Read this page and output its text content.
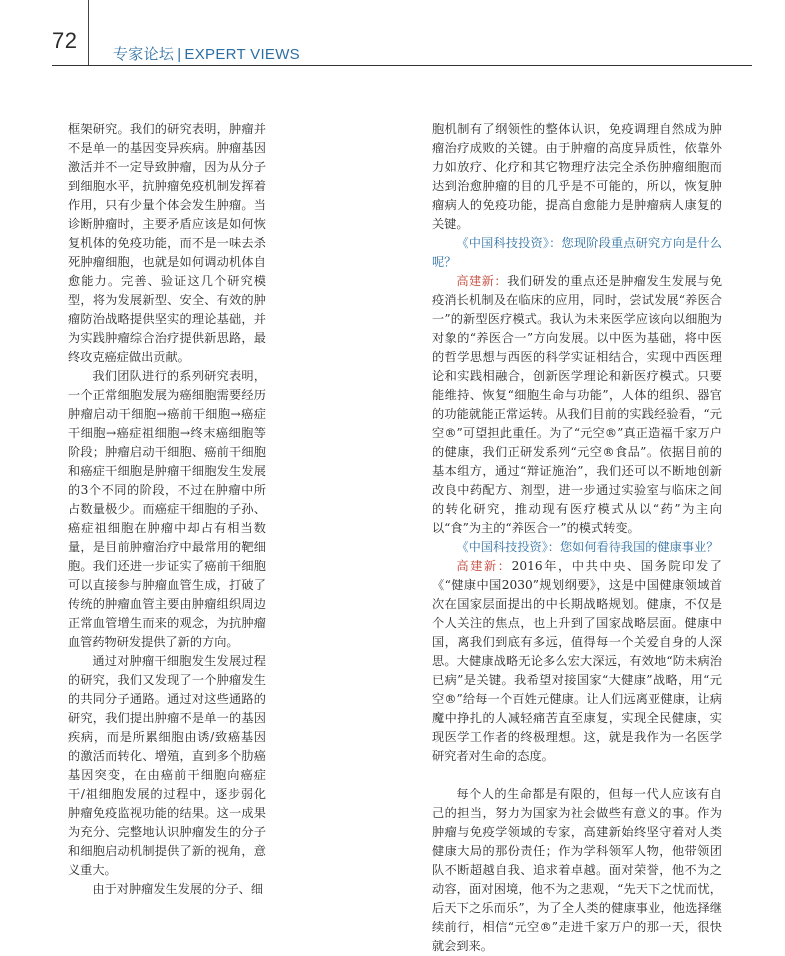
72
专家论坛 | EXPERT VIEWS

框架研究。我们的研究表明，肿瘤并不是单一的基因变异疾病。肿瘤基因激活并不一定导致肿瘤，因为从分子到细胞水平，抗肿瘤免疫机制发挥着作用，只有少量个体会发生肿瘤。当诊断肿瘤时，主要矛盾应该是如何恢复机体的免疫功能，而不是一味去杀死肿瘤细胞，也就是如何调动机体自愈能力。完善、验证这几个研究模型，将为发展新型、安全、有效的肿瘤防治战略提供坚实的理论基础，并为实践肿瘤综合治疗提供新思路，最终攻克癌症做出贡献。

我们团队进行的系列研究表明，一个正常细胞发展为癌细胞需要经历肿瘤启动干细胞→癌前干细胞→癌症干细胞→癌症祖细胞→终末癌细胞等阶段；肿瘤启动干细胞、癌前干细胞和癌症干细胞是肿瘤干细胞发生发展的3个不同的阶段，不过在肿瘤中所占数量极少。而癌症干细胞的子孙、癌症祖细胞在肿瘤中却占有相当数量，是目前肿瘤治疗中最常用的靶细胞。我们还进一步证实了癌前干细胞可以直接参与肿瘤血管生成，打破了传统的肿瘤血管主要由肿瘤组织周边正常血管增生而来的观念，为抗肿瘤血管药物研发提供了新的方向。

通过对肿瘤干细胞发生发展过程的研究，我们又发现了一个肿瘤发生的共同分子通路。通过对这些通路的研究，我们提出肿瘤不是单一的基因疾病，而是所累细胞由诱/致癌基因的激活而转化、增殖，直到多个肋癌基因突变，在由癌前干细胞向癌症干/祖细胞发展的过程中，逐步弱化肿瘤免疫监视功能的结果。这一成果为充分、完整地认识肿瘤发生的分子和细胞启动机制提供了新的视角，意义重大。

由于对肿瘤发生发展的分子、细

胞机制有了纲领性的整体认识，免疫调理自然成为肿瘤治疗成败的关键。由于肿瘤的高度异质性，依靠外力如放疗、化疗和其它物理疗法完全杀伤肿瘤细胞而达到治愈肿瘤的目的几乎是不可能的，所以，恢复肿瘤病人的免疫功能，提高自愈能力是肿瘤病人康复的关键。

《中国科技投资》：您现阶段重点研究方向是什么呢？

高建新：我们研发的重点还是肿瘤发生发展与免疫消长机制及在临床的应用，同时，尝试发展“养医合一”的新型医疗模式。我认为未来医学应该向以细胞为对象的“养医合一”方向发展。以中医为基础，将中医的哲学思想与西医的科学实证相结合，实现中西医理论和实践相融合，创新医学理论和新医疗模式。只要能维持、恢复“细胞生命与功能”，人体的组织、器官的功能就能正常运转。从我们目前的实践经验看，“元空®”可望担此重任。为了“元空®”真正造福千家万户的健康，我们正研发系列“元空®食品”。依据目前的基本组方，通过“辩证施治”，我们还可以不断地创新改良中药配方、剂型，进一步通过实验室与临床之间的转化研究，推动现有医疗模式从以“药”为主向以“食”为主的“养医合一”的模式转变。

《中国科技投资》：您如何看待我国的健康事业？

高建新：2016年，中共中央、国务院印发了《“健康中国2030”规划纲要》，这是中国健康领域首次在国家层面提出的中长期战略规划。健康，不仅是个人关注的焦点，也上升到了国家战略层面。健康中国，离我们到底有多远，值得每一个关爱自身的人深思。大健康战略无论多么宏大深远，有效地“防未病治已病”是关键。我希望对接国家“大健康”战略，用“元空®”给每一个百姓元健康。让人们远离亚健康，让病魔中挣扎的人减轻痛苦直至康复，实现全民健康，实现医学工作者的终极理想。这，就是我作为一名医学研究者对生命的态度。

每个人的生命都是有限的，但每一代人应该有自己的担当，努力为国家为社会做些有意义的事。作为肿瘤与免疫学领域的专家，高建新始终坚守着对人类健康大局的那份责任；作为学科领军人物，他带领团队不断超越自我、追求着卓越。面对荣誉，他不为之动容，面对困境，他不为之悲观，“先天下之忧而忧，后天下之乐而乐”，为了全人类的健康事业，他选择继续前行，相信“元空®”走进千家万户的那一天，很快就会到来。
